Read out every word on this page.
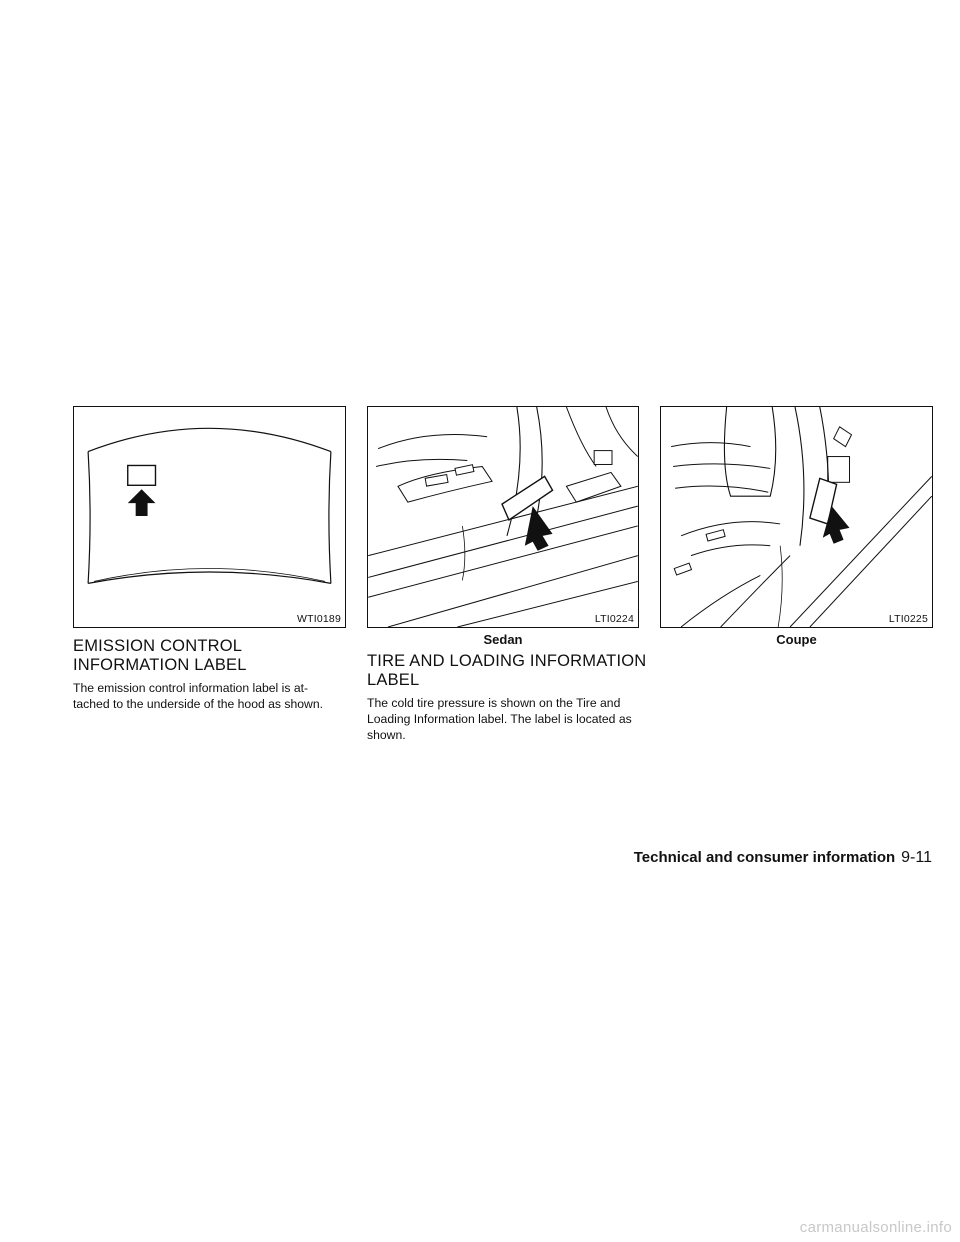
WTI0189	LTI0224
Sedan
LTI0225
Coupe
EMISSION CONTROL
INFORMATION LABEL

The emission control information label is at-
tached to the underside of the hood as shown.

TIRE AND LOADING INFORMATION
LABEL

The cold tire pressure is shown on the Tire and
Loading Information label. The label is located as
shown.

Technical and consumer information 9-11
carmanualsonline.info
